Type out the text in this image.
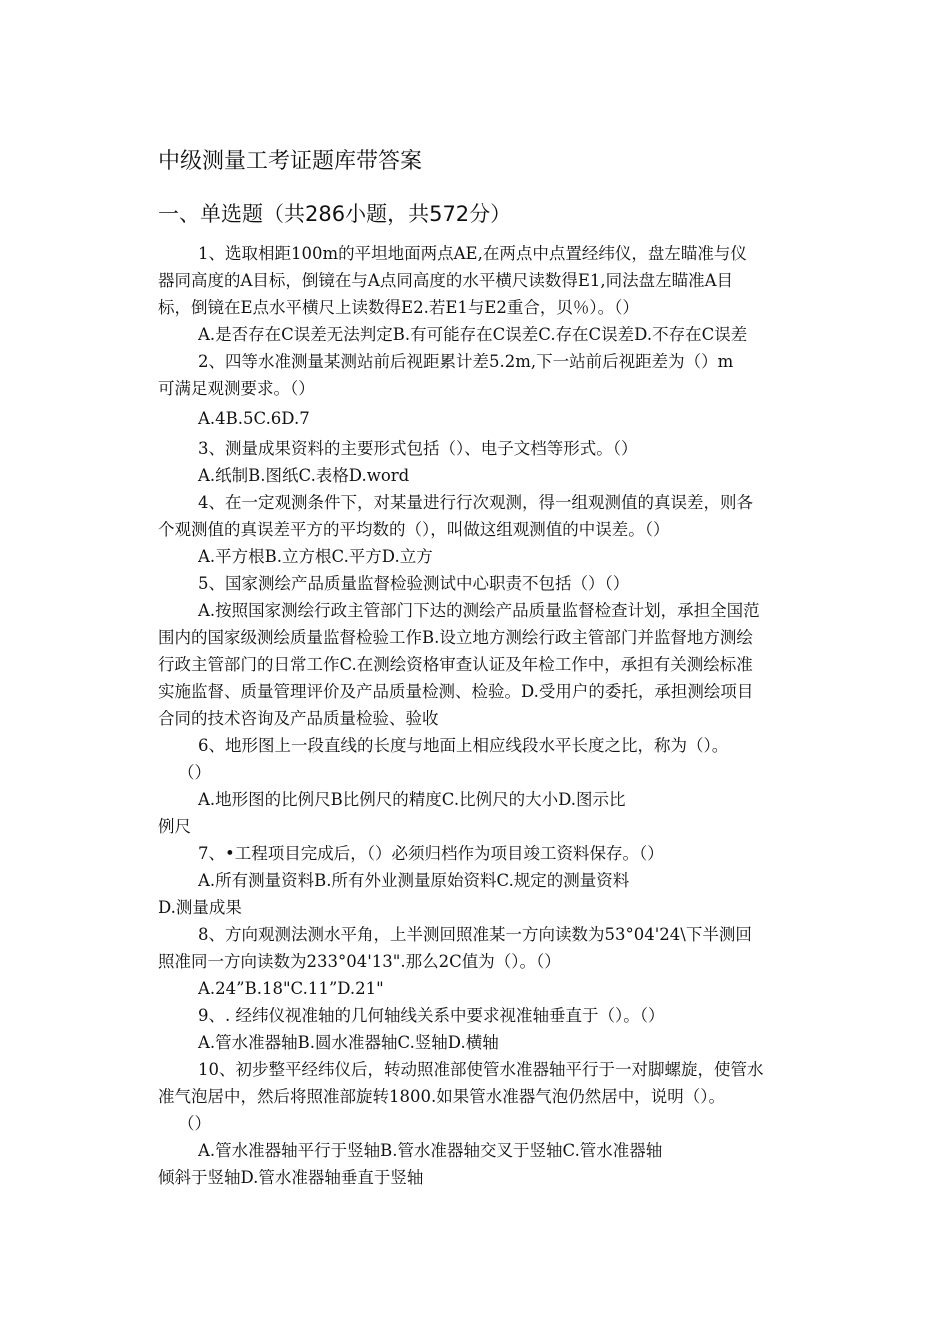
中级测量工考证题库带答案
一、单选题（共286小题，共572分）
1、选取相距100m的平坦地面两点AE,在两点中点置经纬仪，盘左瞄准与仪
器同高度的A目标，倒镜在与A点同高度的水平横尺读数得E1,同法盘左瞄准A目
标，倒镜在E点水平横尺上读数得E2.若E1与E2重合，贝％）。（）
A.是否存在C误差无法判定B.有可能存在C误差C.存在C误差D.不存在C误差
2、四等水准测量某测站前后视距累计差5.2m,下一站前后视距差为（）m
可满足观测要求。（）
A.4B.5C.6D.7
3、测量成果资料的主要形式包括（）、电子文档等形式。（）
A.纸制B.图纸C.表格D.word
4、在一定观测条件下，对某量进行行次观测，得一组观测值的真误差，则各
个观测值的真误差平方的平均数的（），叫做这组观测值的中误差。（）
A.平方根B.立方根C.平方D.立方
5、国家测绘产品质量监督检验测试中心职责不包括（）（）
A.按照国家测绘行政主管部门下达的测绘产品质量监督检查计划，承担全国范
围内的国家级测绘质量监督检验工作B.设立地方测绘行政主管部门并监督地方测绘
行政主管部门的日常工作C.在测绘资格审查认证及年检工作中，承担有关测绘标准
实施监督、质量管理评价及产品质量检测、检验。D.受用户的委托，承担测绘项目
合同的技术咨询及产品质量检验、验收
6、地形图上一段直线的长度与地面上相应线段水平长度之比，称为（）。
（）
A.地形图的比例尺B比例尺的精度C.比例尺的大小D.图示比
例尺
7、•工程项目完成后，（）必须归档作为项目竣工资料保存。（）
A.所有测量资料B.所有外业测量原始资料C.规定的测量资料
D.测量成果
8、方向观测法测水平角，上半测回照准某一方向读数为53°04'24\下半测回
照准同一方向读数为233°04'13".那么2C值为（）。（）
A.24”B.18"C.11”D.21"
9、. 经纬仪视准轴的几何轴线关系中要求视准轴垂直于（）。（）
A.管水准器轴B.圆水准器轴C.竖轴D.横轴
10、初步整平经纬仪后，转动照准部使管水准器轴平行于一对脚螺旋，使管水
准气泡居中，然后将照准部旋转1800.如果管水准器气泡仍然居中，说明（）。
（）
A.管水准器轴平行于竖轴B.管水准器轴交叉于竖轴C.管水准器轴
倾斜于竖轴D.管水准器轴垂直于竖轴
